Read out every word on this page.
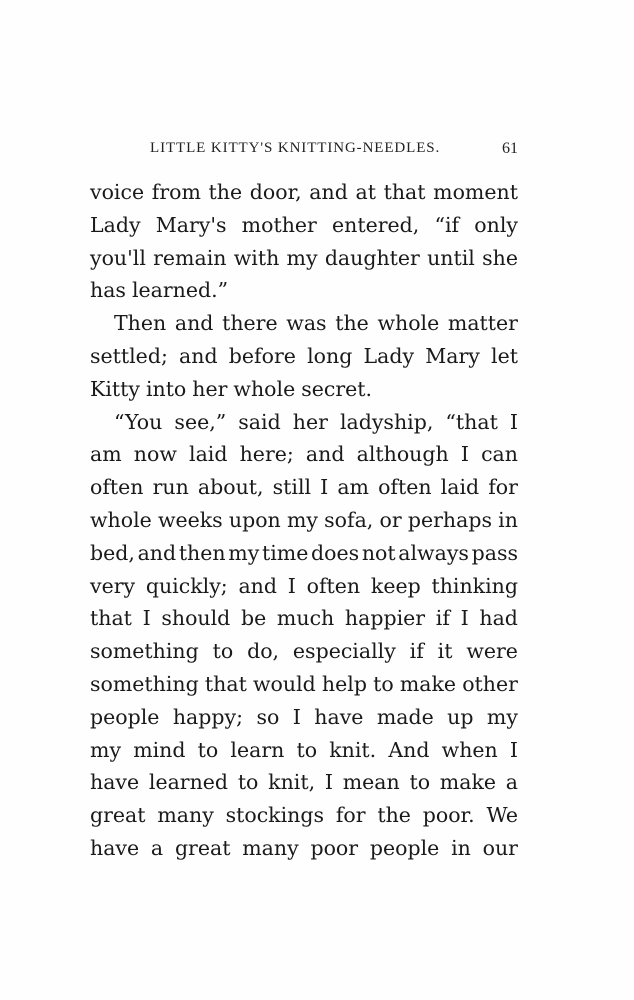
LITTLE KITTY'S KNITTING-NEEDLES.	61
voice from the door, and at that moment
Lady Mary's mother entered, “if only
you'll remain with my daughter until she
has learned.”
Then and there was the whole matter
settled; and before long Lady Mary let
Kitty into her whole secret.
“You see,” said her ladyship, “that I
am now laid here; and although I can
often run about, still I am often laid for
whole weeks upon my sofa, or perhaps in
bed, and then my time does not always pass
very quickly; and I often keep thinking
that I should be much happier if I had
something to do, especially if it were
something that would help to make other
people happy; so I have made up my
my mind to learn to knit. And when I
have learned to knit, I mean to make a
great many stockings for the poor. We
have a great many poor people in our
